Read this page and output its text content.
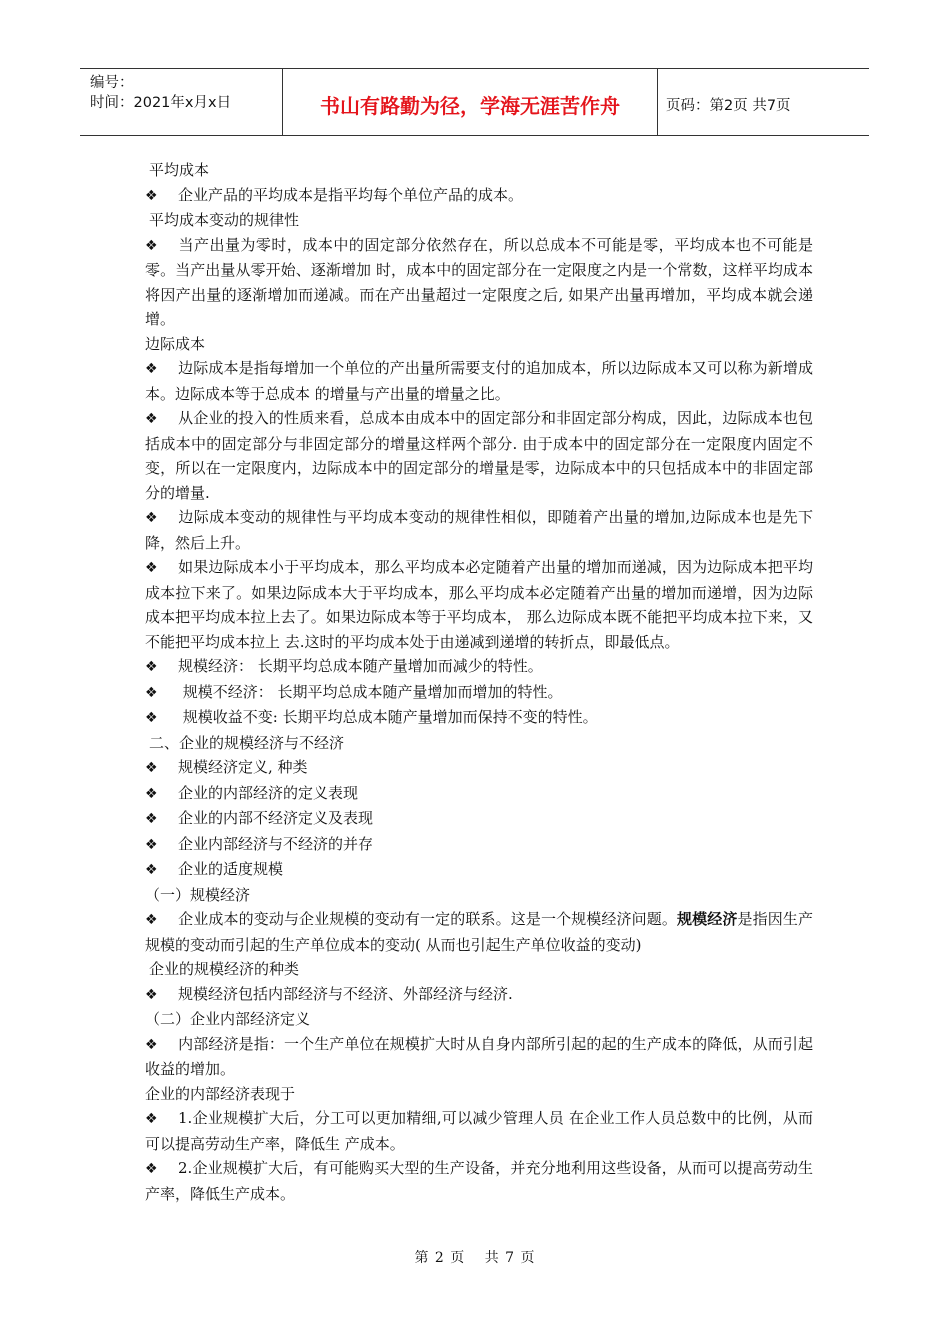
编号：
时间：2021年x月x日	书山有路勤为径，学海无涯苦作舟	页码：第2页 共7页

平均成本

❖ 企业产品的平均成本是指平均每个单位产品的成本。

平均成本变动的规律性

❖ 当产出量为零时，成本中的固定部分依然存在，所以总成本不可能是零，平均成本也不可能是零。当产出量从零开始、逐渐增加 时，成本中的固定部分在一定限度之内是一个常数，这样平均成本将因产出量的逐渐增加而递减。而在产出量超过一定限度之后, 如果产出量再增加，平均成本就会递增。

边际成本

❖ 边际成本是指每增加一个单位的产出量所需要支付的追加成本，所以边际成本又可以称为新增成本。边际成本等于总成本 的增量与产出量的增量之比。

❖ 从企业的投入的性质来看，总成本由成本中的固定部分和非固定部分构成，因此，边际成本也包括成本中的固定部分与非固定部分的增量这样两个部分. 由于成本中的固定部分在一定限度内固定不变，所以在一定限度内，边际成本中的固定部分的增量是零，边际成本中的只包括成本中的非固定部分的增量.

❖ 边际成本变动的规律性与平均成本变动的规律性相似，即随着产出量的增加,边际成本也是先下降，然后上升。

❖ 如果边际成本小于平均成本，那么平均成本必定随着产出量的增加而递减，因为边际成本把平均成本拉下来了。如果边际成本大于平均成本，那么平均成本必定随着产出量的增加而递增，因为边际成本把平均成本拉上去了。如果边际成本等于平均成本， 那么边际成本既不能把平均成本拉下来，又不能把平均成本拉上 去.这时的平均成本处于由递减到递增的转折点，即最低点。

❖ 规模经济： 长期平均总成本随产量增加而减少的特性。

❖ 规模不经济： 长期平均总成本随产量增加而增加的特性。

❖ 规模收益不变: 长期平均总成本随产量增加而保持不变的特性。

二、企业的规模经济与不经济

❖ 规模经济定义, 种类

❖ 企业的内部经济的定义表现

❖ 企业的内部不经济定义及表现

❖ 企业内部经济与不经济的并存

❖ 企业的适度规模

（一）规模经济

❖ 企业成本的变动与企业规模的变动有一定的联系。这是一个规模经济问题。规模经济是指因生产规模的变动而引起的生产单位成本的变动( 从而也引起生产单位收益的变动)

企业的规模经济的种类

❖ 规模经济包括内部经济与不经济、外部经济与经济.

（二）企业内部经济定义

❖ 内部经济是指：一个生产单位在规模扩大时从自身内部所引起的起的生产成本的降低，从而引起收益的增加。

企业的内部经济表现于

❖ 1.企业规模扩大后，分工可以更加精细,可以减少管理人员 在企业工作人员总数中的比例，从而可以提高劳动生产率，降低生 产成本。

❖ 2.企业规模扩大后，有可能购买大型的生产设备，并充分地利用这些设备，从而可以提高劳动生产率，降低生产成本。

第 2 页 共 7 页
